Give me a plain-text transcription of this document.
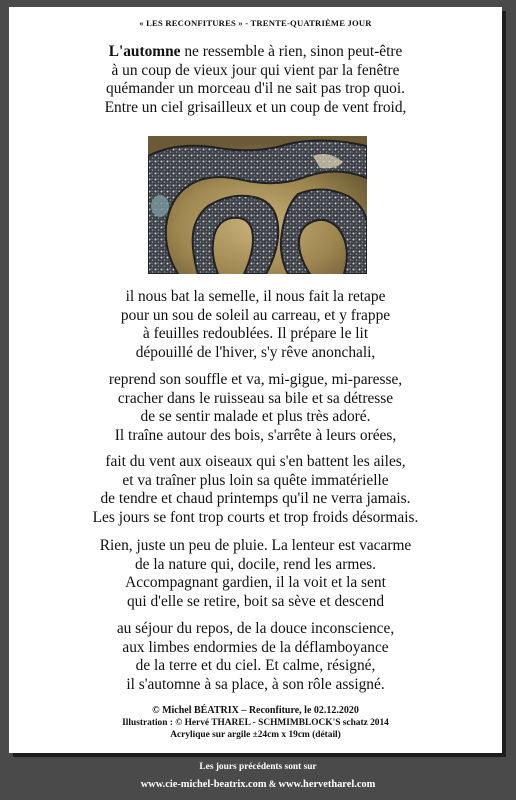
« LES RECONFITURES » - TRENTE-QUATRIÈME JOUR
L'automne ne ressemble à rien, sinon peut-être
à un coup de vieux jour qui vient par la fenêtre
quémander un morceau d'il ne sait pas trop quoi.
Entre un ciel grisailleux et un coup de vent froid,
il nous bat la semelle, il nous fait la retape
pour un sou de soleil au carreau, et y frappe
à feuilles redoublées. Il prépare le lit
dépouillé de l'hiver, s'y rêve anonchali,
reprend son souffle et va, mi-gigue, mi-paresse,
cracher dans le ruisseau sa bile et sa détresse
de se sentir malade et plus très adoré.
Il traîne autour des bois, s'arrête à leurs orées,
fait du vent aux oiseaux qui s'en battent les ailes,
et va traîner plus loin sa quête immatérielle
de tendre et chaud printemps qu'il ne verra jamais.
Les jours se font trop courts et trop froids désormais.
Rien, juste un peu de pluie. La lenteur est vacarme
de la nature qui, docile, rend les armes.
Accompagnant gardien, il la voit et la sent
qui d'elle se retire, boit sa sève et descend
au séjour du repos, de la douce inconscience,
aux limbes endormies de la déflamboyance
de la terre et du ciel. Et calme, résigné,
il s'automne à sa place, à son rôle assigné.
© Michel BÉATRIX – Reconfiture, le 02.12.2020
Illustration : © Hervé THAREL - SCHMIMBLOCK'S schatz 2014
Acrylique sur argile ±24cm x 19cm (détail)
Les jours précédents sont sur
www.cie-michel-beatrix.com & www.hervetharel.com
